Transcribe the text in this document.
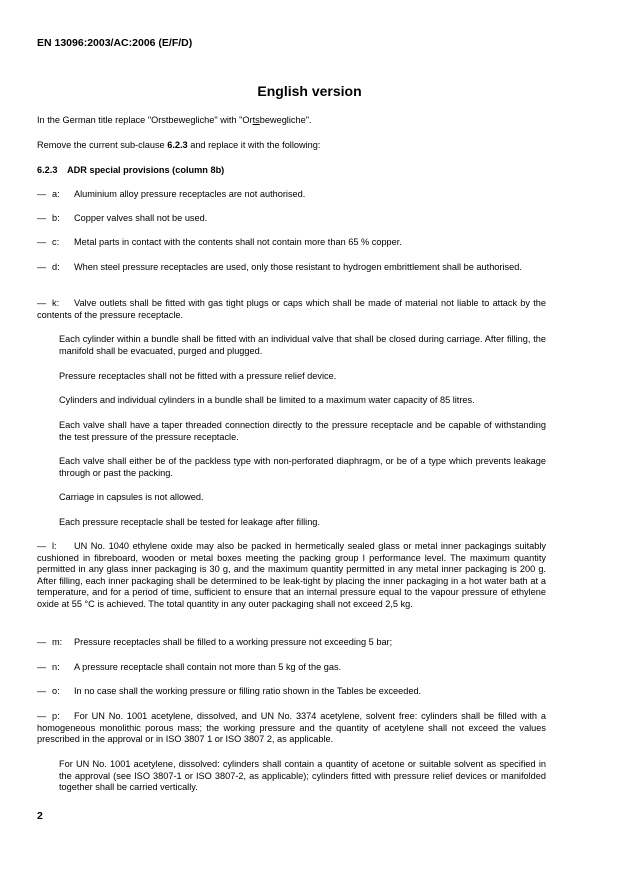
EN 13096:2003/AC:2006 (E/F/D)
English version

In the German title replace "Orstbewegliche" with "Ortsbewegliche".

Remove the current sub-clause 6.2.3 and replace it with the following:

6.2.3 ADR special provisions (column 8b)

— a: Aluminium alloy pressure receptacles are not authorised.

— b: Copper valves shall not be used.

— c: Metal parts in contact with the contents shall not contain more than 65 % copper.

— d: When steel pressure receptacles are used, only those resistant to hydrogen embrittlement shall be authorised.

— k: Valve outlets shall be fitted with gas tight plugs or caps which shall be made of material not liable to attack by the contents of the pressure receptacle.

Each cylinder within a bundle shall be fitted with an individual valve that shall be closed during carriage. After filling, the manifold shall be evacuated, purged and plugged.

Pressure receptacles shall not be fitted with a pressure relief device.

Cylinders and individual cylinders in a bundle shall be limited to a maximum water capacity of 85 litres.

Each valve shall have a taper threaded connection directly to the pressure receptacle and be capable of withstanding the test pressure of the pressure receptacle.

Each valve shall either be of the packless type with non-perforated diaphragm, or be of a type which prevents leakage through or past the packing.

Carriage in capsules is not allowed.

Each pressure receptacle shall be tested for leakage after filling.

— l: UN No. 1040 ethylene oxide may also be packed in hermetically sealed glass or metal inner packagings suitably cushioned in fibreboard, wooden or metal boxes meeting the packing group I performance level. The maximum quantity permitted in any glass inner packaging is 30 g, and the maximum quantity permitted in any metal inner packaging is 200 g. After filling, each inner packaging shall be determined to be leak-tight by placing the inner packaging in a hot water bath at a temperature, and for a period of time, sufficient to ensure that an internal pressure equal to the vapour pressure of ethylene oxide at 55 °C is achieved. The total quantity in any outer packaging shall not exceed 2,5 kg.

— m: Pressure receptacles shall be filled to a working pressure not exceeding 5 bar;

— n: A pressure receptacle shall contain not more than 5 kg of the gas.

— o: In no case shall the working pressure or filling ratio shown in the Tables be exceeded.

— p: For UN No. 1001 acetylene, dissolved, and UN No. 3374 acetylene, solvent free: cylinders shall be filled with a homogeneous monolithic porous mass; the working pressure and the quantity of acetylene shall not exceed the values prescribed in the approval or in ISO 3807 1 or ISO 3807 2, as applicable.

For UN No. 1001 acetylene, dissolved: cylinders shall contain a quantity of acetone or suitable solvent as specified in the approval (see ISO 3807-1 or ISO 3807-2, as applicable); cylinders fitted with pressure relief devices or manifolded together shall be carried vertically.

2
